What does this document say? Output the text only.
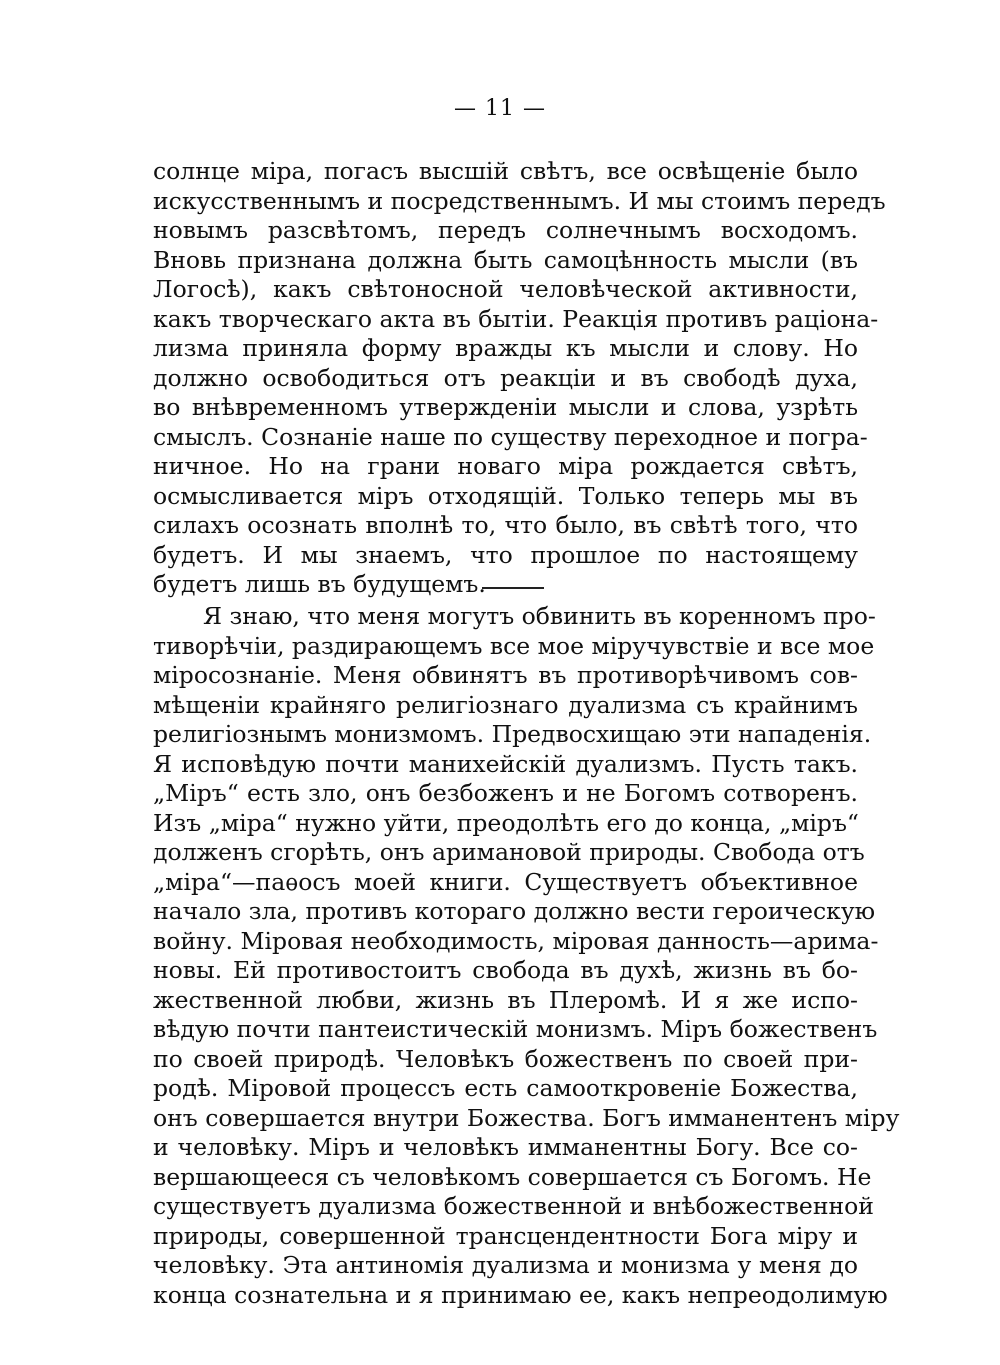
— 11 —
солнце міра, погасъ высшій свѣтъ, все освѣщеніе было
искусственнымъ и посредственнымъ. И мы стоимъ передъ
новымъ разсвѣтомъ, передъ солнечнымъ восходомъ.
Вновь признана должна быть самоцѣнность мысли (въ
Логосѣ), какъ свѣтоносной человѣческой активности,
какъ творческаго акта въ бытіи. Реакція противъ раціона-
лизма приняла форму вражды къ мысли и слову. Но
должно освободиться отъ реакціи и въ свободѣ духа,
во внѣвременномъ утвержденіи мысли и слова, узрѣть
смыслъ. Сознаніе наше по существу переходное и погра-
ничное. Но на грани новаго міра рождается свѣтъ,
осмысливается міръ отходящій. Только теперь мы въ
силахъ осознать вполнѣ то, что было, въ свѣтѣ того, что
будетъ. И мы знаемъ, что прошлое по настоящему
будетъ лишь въ будущемъ.
Я знаю, что меня могутъ обвинить въ коренномъ про-
тиворѣчіи, раздирающемъ все мое міручувствіе и все мое
міросознаніе. Меня обвинятъ въ противорѣчивомъ сов-
мѣщеніи крайняго религіознаго дуализма съ крайнимъ
религіознымъ монизмомъ. Предвосхищаю эти нападенія.
Я исповѣдую почти манихейскій дуализмъ. Пусть такъ.
„Міръ“ есть зло, онъ безбоженъ и не Богомъ сотворенъ.
Изъ „міра“ нужно уйти, преодолѣть его до конца, „міръ“
долженъ сгорѣть, онъ аримановой природы. Свобода отъ
„міра“—паѳосъ моей книги. Существуетъ объективное
начало зла, противъ котораго должно вести героическую
войну. Міровая необходимость, міровая данность—арима-
новы. Ей противостоитъ свобода въ духѣ, жизнь въ бо-
жественной любви, жизнь въ Плеромѣ. И я же испо-
вѣдую почти пантеистическій монизмъ. Міръ божественъ
по своей природѣ. Человѣкъ божественъ по своей при-
родѣ. Міровой процессъ есть самооткровеніе Божества,
онъ совершается внутри Божества. Богъ имманентенъ міру
и человѣку. Міръ и человѣкъ имманентны Богу. Все со-
вершающееся съ человѣкомъ совершается съ Богомъ. Не
существуетъ дуализма божественной и внѣбожественной
природы, совершенной трансцендентности Бога міру и
человѣку. Эта антиномія дуализма и монизма у меня до
конца сознательна и я принимаю ее, какъ непреодолимую
